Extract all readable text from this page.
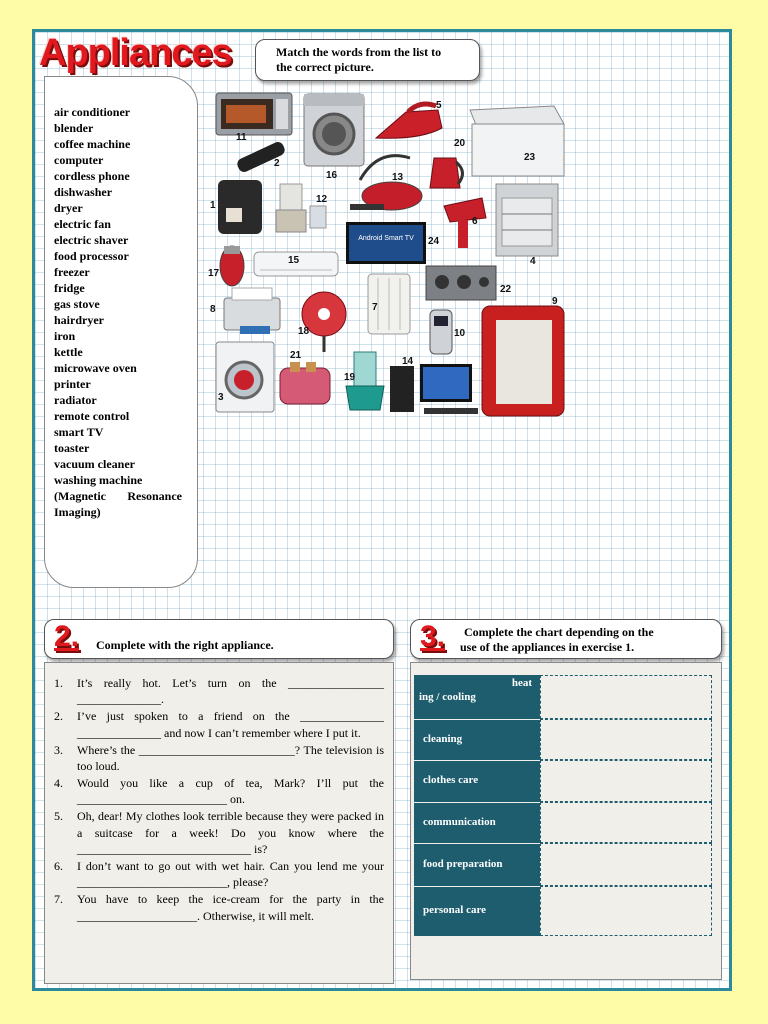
Appliances	Match the words from the list to
the correct picture.
air conditioner
blender
coffee machine
computer
cordless phone
dishwasher
dryer
electric fan
electric shaver
food processor
freezer
fridge
gas stove
hairdryer
iron
kettle
microwave oven
printer
radiator
remote control
smart TV
toaster
vacuum cleaner
washing machine
(Magnetic Resonance
Imaging)
Android Smart TV
11
2
16
5
13
20
23
1
12
24
6
4
17
15
22
8
18
7
10
9
3
21
19
14
2. Complete with the right appliance.
1. It’s really hot. Let’s turn on the ________________ ______________.
2. I’ve just spoken to a friend on the ______________ ______________ and now I can’t remember where I put it.
3. Where’s the __________________________? The television is too loud.
4. Would you like a cup of tea, Mark? I’ll put the _________________________ on.
5. Oh, dear! My clothes look terrible because they were packed in a suitcase for a week! Do you know where the _____________________________ is?
6. I don’t want to go out with wet hair. Can you lend me your _________________________, please?
7. You have to keep the ice-cream for the party in the ____________________. Otherwise, it will melt.
3.	Complete the chart depending on the
use of the appliances in exercise 1.
heat
ing / cooling
cleaning
clothes care
communication
food preparation
personal care
